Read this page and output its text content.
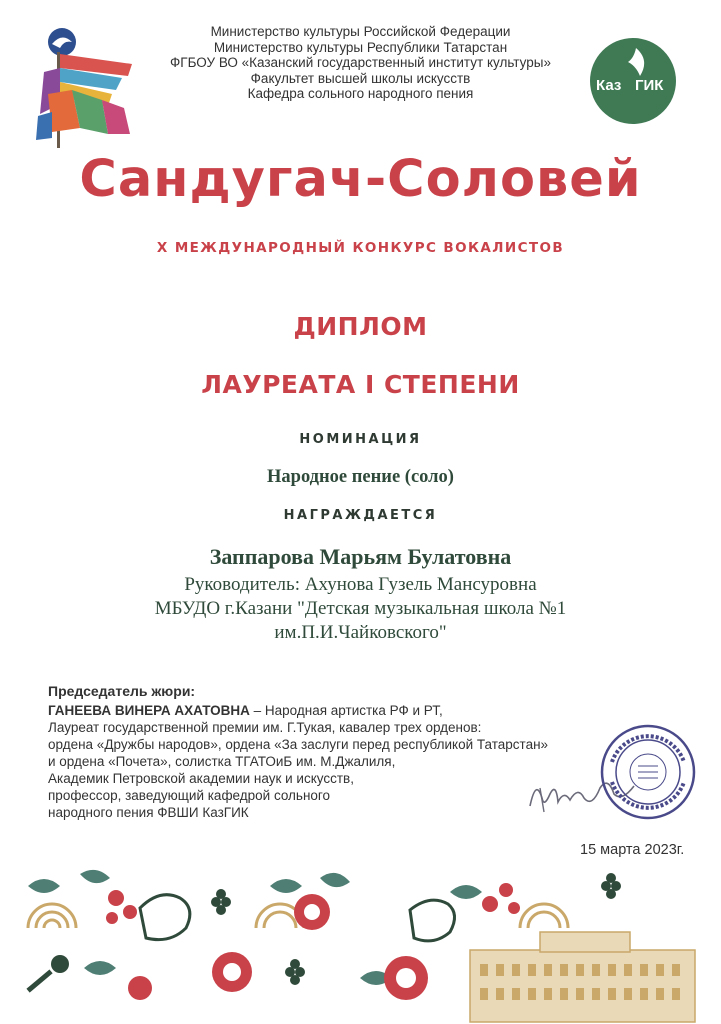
Министерство культуры Российской Федерации
Министерство культуры Республики Татарстан
ФГБОУ ВО «Казанский государственный институт культуры»
Факультет высшей школы искусств
Кафедра сольного народного пения	Каз ГИК
Сандугач-Соловей
X МЕЖДУНАРОДНЫЙ КОНКУРС ВОКАЛИСТОВ
ДИПЛОМ
ЛАУРЕАТА I СТЕПЕНИ
НОМИНАЦИЯ
Народное пение (соло)
НАГРАЖДАЕТСЯ
Заппарова Марьям Булатовна
Руководитель: Ахунова Гузель Мансуровна
МБУДО г.Казани "Детская музыкальная школа №1
им.П.И.Чайковского"
Председатель жюри:
ГАНЕЕВА ВИНЕРА АХАТОВНА – Народная артистка РФ и РТ,
Лауреат государственной премии им. Г.Тукая, кавалер трех орденов:
ордена «Дружбы народов», ордена «За заслуги перед республикой Татарстан»
и ордена «Почета», солистка ТГАТОиБ им. М.Джалиля,
Академик Петровской академии наук и искусств,
профессор, заведующий кафедрой сольного
народного пения ФВШИ КазГИК
15 марта 2023г.
